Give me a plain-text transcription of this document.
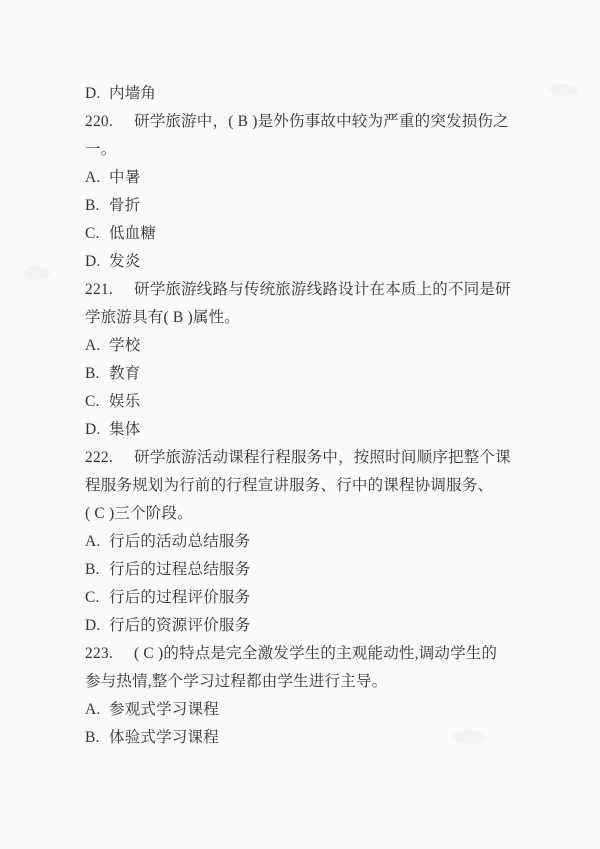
D. 内墙角
220. 研学旅游中，( B )是外伤事故中较为严重的突发损伤之
一。
A. 中暑
B. 骨折
C. 低血糖
D. 发炎
221. 研学旅游线路与传统旅游线路设计在本质上的不同是研
学旅游具有( B )属性。
A. 学校
B. 教育
C. 娱乐
D. 集体
222. 研学旅游活动课程行程服务中，按照时间顺序把整个课
程服务规划为行前的行程宣讲服务、行中的课程协调服务、
( C )三个阶段。
A. 行后的活动总结服务
B. 行后的过程总结服务
C. 行后的过程评价服务
D. 行后的资源评价服务
223. ( C )的特点是完全激发学生的主观能动性,调动学生的
参与热情,整个学习过程都由学生进行主导。
A. 参观式学习课程
B. 体验式学习课程
